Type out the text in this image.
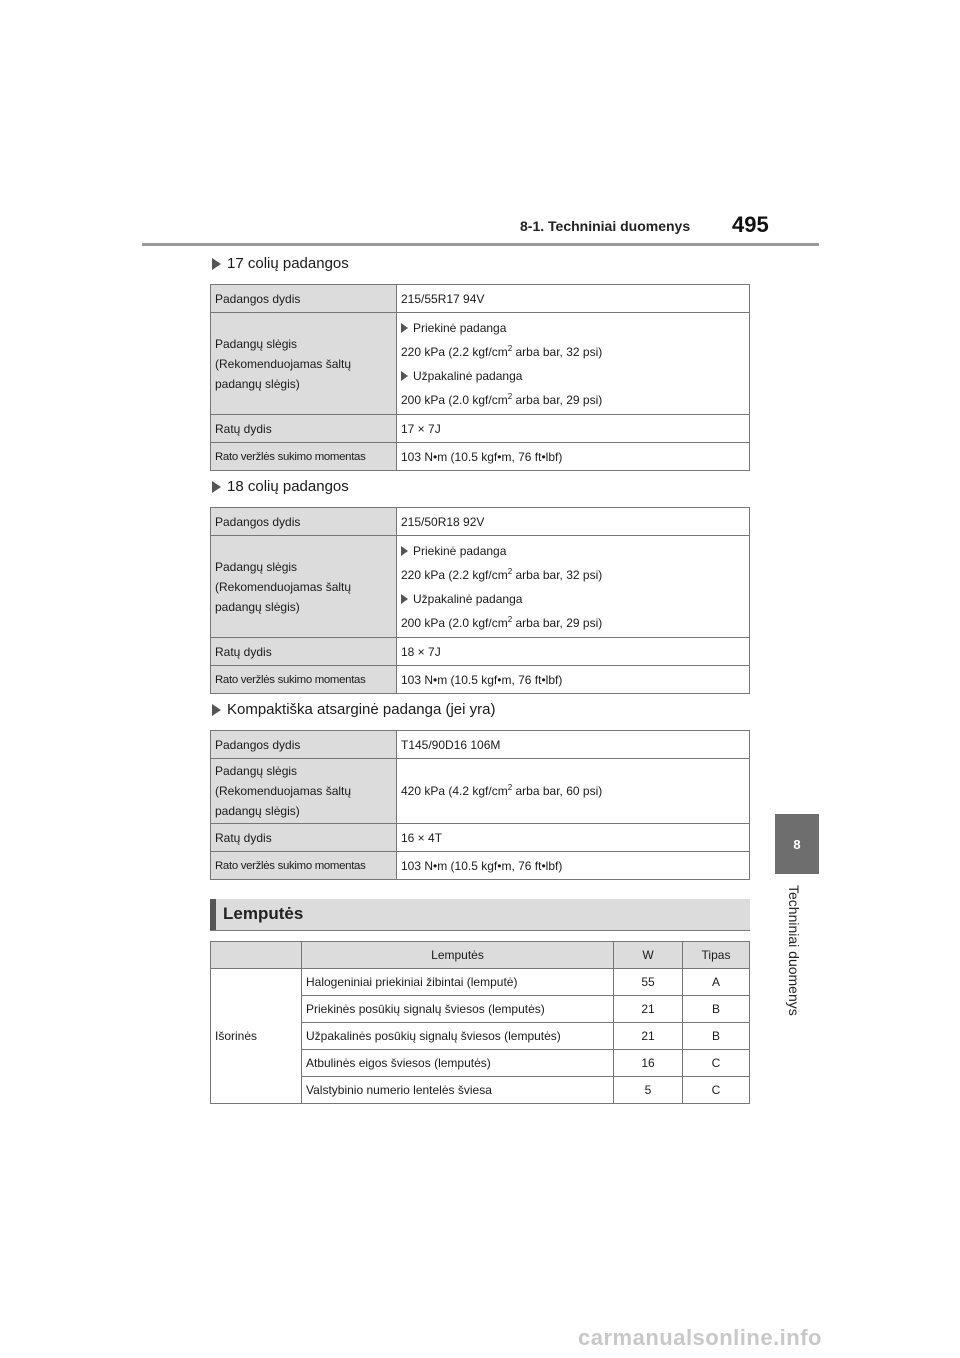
8-1. Techniniai duomenys 495
8
Techniniai duomenys
17 colių padangos
Padangos dydis	215/55R17 94V
Padangų slėgis (Rekomenduojamas šaltų padangų slėgis)	Priekinė padanga
220 kPa (2.2 kgf/$cm^2$ arba bar, 32 psi)
Užpakalinė padanga
200 kPa (2.0 kgf/$cm^2$ arba bar, 29 psi)

Ratų dydis	17 × 7J
Rato veržlės sukimo momentas	103 N•m (10.5 kgf•m, 76 ft•lbf)
18 colių padangos
Padangos dydis	215/50R18 92V
Padangų slėgis (Rekomenduojamas šaltų padangų slėgis)	Priekinė padanga
220 kPa (2.2 kgf/$cm^2$ arba bar, 32 psi)
Užpakalinė padanga
200 kPa (2.0 kgf/$cm^2$ arba bar, 29 psi)

Ratų dydis	18 × 7J
Rato veržlės sukimo momentas	103 N•m (10.5 kgf•m, 76 ft•lbf)
Kompaktiška atsarginė padanga (jei yra)
Padangos dydis	T145/90D16 106M
Padangų slėgis (Rekomenduojamas šaltų padangų slėgis)	420 kPa (4.2 kgf/$cm^2$ arba bar, 60 psi)
Ratų dydis	16 × 4T
Rato veržlės sukimo momentas	103 N•m (10.5 kgf•m, 76 ft•lbf)
Lemputės
	Lemputės	W	Tipas
Išorinės	Halogeniniai priekiniai žibintai (lemputė)	55	A
	Priekinės posūkių signalų šviesos (lemputės)	21	B
	Užpakalinės posūkių signalų šviesos (lemputės)	21	B
	Atbulinės eigos šviesos (lemputės)	16	C
	Valstybinio numerio lentelės šviesa	5	C
carmanualsonline.info
